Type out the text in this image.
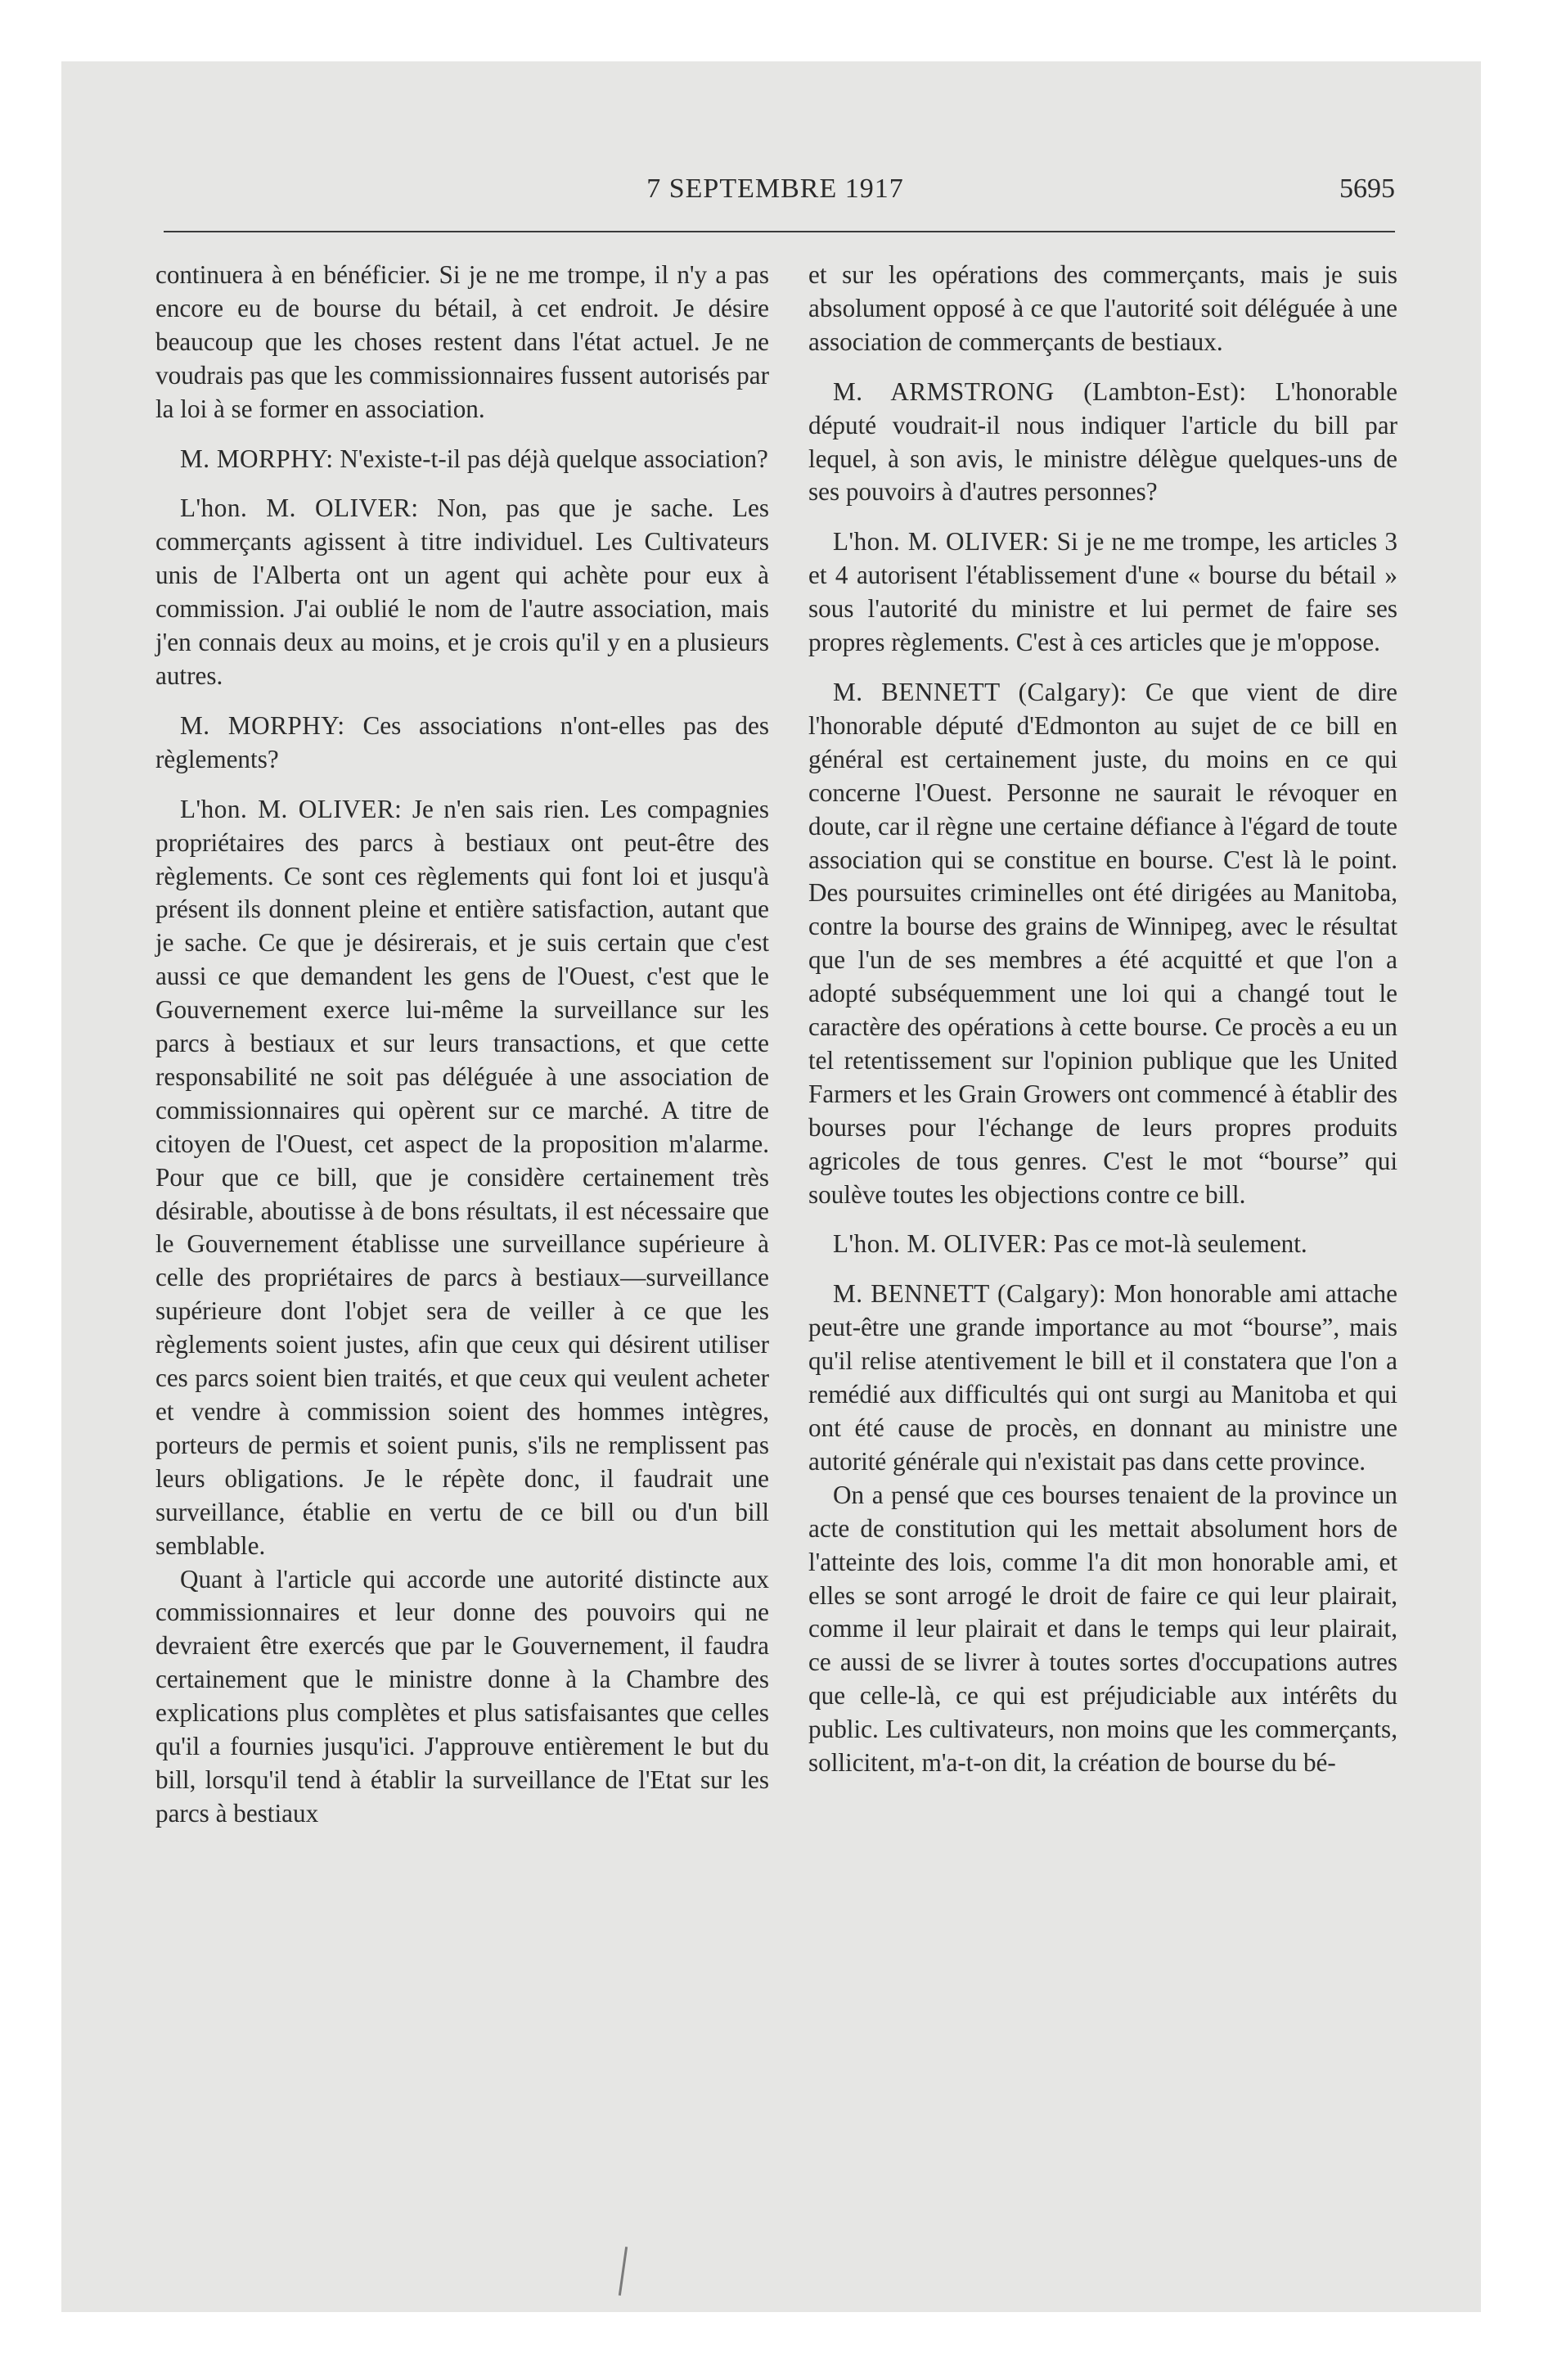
7 SEPTEMBRE 1917	5695

continuera à en bénéficier. Si je ne me trompe, il n'y a pas encore eu de bourse du bétail, à cet endroit. Je désire beaucoup que les choses restent dans l'état actuel. Je ne voudrais pas que les commissionnaires fussent autorisés par la loi à se former en association.

M. MORPHY: N'existe-t-il pas déjà quelque association?

L'hon. M. OLIVER: Non, pas que je sache. Les commerçants agissent à titre individuel. Les Cultivateurs unis de l'Alberta ont un agent qui achète pour eux à commission. J'ai oublié le nom de l'autre association, mais j'en connais deux au moins, et je crois qu'il y en a plusieurs autres.

M. MORPHY: Ces associations n'ont-elles pas des règlements?

L'hon. M. OLIVER: Je n'en sais rien. Les compagnies propriétaires des parcs à bestiaux ont peut-être des règlements. Ce sont ces règlements qui font loi et jusqu'à présent ils donnent pleine et entière satisfaction, autant que je sache. Ce que je désirerais, et je suis certain que c'est aussi ce que demandent les gens de l'Ouest, c'est que le Gouvernement exerce lui-même la surveillance sur les parcs à bestiaux et sur leurs transactions, et que cette responsabilité ne soit pas déléguée à une association de commissionnaires qui opèrent sur ce marché. A titre de citoyen de l'Ouest, cet aspect de la proposition m'alarme. Pour que ce bill, que je considère certainement très désirable, aboutisse à de bons résultats, il est nécessaire que le Gouvernement établisse une surveillance supérieure à celle des propriétaires de parcs à bestiaux—surveillance supérieure dont l'objet sera de veiller à ce que les règlements soient justes, afin que ceux qui désirent utiliser ces parcs soient bien traités, et que ceux qui veulent acheter et vendre à commission soient des hommes intègres, porteurs de permis et soient punis, s'ils ne remplissent pas leurs obligations. Je le répète donc, il faudrait une surveillance, établie en vertu de ce bill ou d'un bill semblable.

Quant à l'article qui accorde une autorité distincte aux commissionnaires et leur donne des pouvoirs qui ne devraient être exercés que par le Gouvernement, il faudra certainement que le ministre donne à la Chambre des explications plus complètes et plus satisfaisantes que celles qu'il a fournies jusqu'ici. J'approuve entièrement le but du bill, lorsqu'il tend à établir la surveillance de l'Etat sur les parcs à bestiaux

et sur les opérations des commerçants, mais je suis absolument opposé à ce que l'autorité soit déléguée à une association de commerçants de bestiaux.

M. ARMSTRONG (Lambton-Est): L'honorable député voudrait-il nous indiquer l'article du bill par lequel, à son avis, le ministre délègue quelques-uns de ses pouvoirs à d'autres personnes?

L'hon. M. OLIVER: Si je ne me trompe, les articles 3 et 4 autorisent l'établissement d'une « bourse du bétail » sous l'autorité du ministre et lui permet de faire ses propres règlements. C'est à ces articles que je m'oppose.

M. BENNETT (Calgary): Ce que vient de dire l'honorable député d'Edmonton au sujet de ce bill en général est certainement juste, du moins en ce qui concerne l'Ouest. Personne ne saurait le révoquer en doute, car il règne une certaine défiance à l'égard de toute association qui se constitue en bourse. C'est là le point. Des poursuites criminelles ont été dirigées au Manitoba, contre la bourse des grains de Winnipeg, avec le résultat que l'un de ses membres a été acquitté et que l'on a adopté subséquemment une loi qui a changé tout le caractère des opérations à cette bourse. Ce procès a eu un tel retentissement sur l'opinion publique que les United Farmers et les Grain Growers ont commencé à établir des bourses pour l'échange de leurs propres produits agricoles de tous genres. C'est le mot “bourse” qui soulève toutes les objections contre ce bill.

L'hon. M. OLIVER: Pas ce mot-là seulement.

M. BENNETT (Calgary): Mon honorable ami attache peut-être une grande importance au mot “bourse”, mais qu'il relise atentivement le bill et il constatera que l'on a remédié aux difficultés qui ont surgi au Manitoba et qui ont été cause de procès, en donnant au ministre une autorité générale qui n'existait pas dans cette province.

On a pensé que ces bourses tenaient de la province un acte de constitution qui les mettait absolument hors de l'atteinte des lois, comme l'a dit mon honorable ami, et elles se sont arrogé le droit de faire ce qui leur plairait, comme il leur plairait et dans le temps qui leur plairait, ce aussi de se livrer à toutes sortes d'occupations autres que celle-là, ce qui est préjudiciable aux intérêts du public. Les cultivateurs, non moins que les commerçants, sollicitent, m'a-t-on dit, la création de bourse du bé-
